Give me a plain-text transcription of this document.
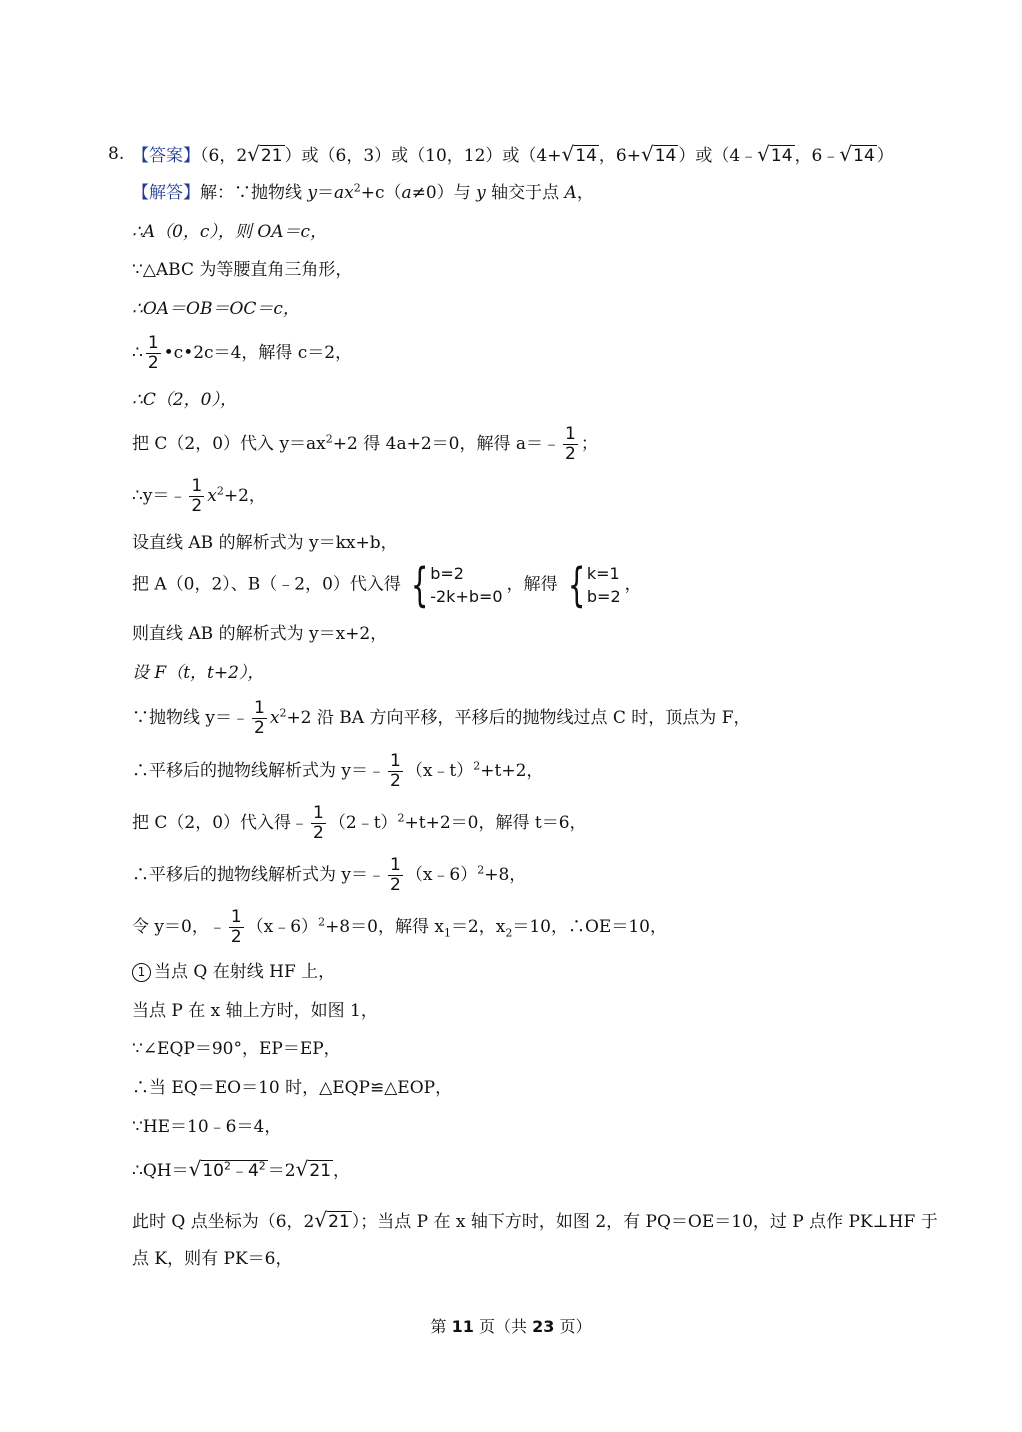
8. 【答案】（6，2√21 ）或（6，3）或（10，12）或（4+√14 ，6+√14 ）或（4﹣√14 ，6﹣√14 ）
【解答】解：∵抛物线 $y=ax^2+c(a\ne 0)$与 y 轴交于点 A，
∴A（0，c），则 OA＝c，
∵△ABC 为等腰直角三角形，
∴OA＝OB＝OC＝c，
∴ $\frac{1}{2}$ •c•2c＝4，解得 c＝2，
∴C（2，0），
把 C（2，0）代入 $y=ax^2+2$ 得 4a+2＝0，解得 a＝﹣ $\frac{1}{2}$ ；
∴y＝﹣ $\frac{1}{2} x^2+2$，
设直线 AB 的解析式为 y＝kx+b，
把 A（0，2）、B（﹣2，0）代入得 { b=2
-2k+b=0
，解得 { k=1
b=2
，
则直线 AB 的解析式为 y＝x+2，
设 F（t，t+2），
∵抛物线 y＝﹣ $\frac{1}{2} x^2+2$ 沿 BA 方向平移，平移后的抛物线过点 C 时，顶点为 F，
∴平移后的抛物线解析式为 y＝﹣ $\frac{1}{2}$ （x﹣t）$^2$+t+2，
把 C（2，0）代入得﹣ $\frac{1}{2}$ （2﹣t）$^2$+t+2＝0，解得 t＝6，
∴平移后的抛物线解析式为 y＝﹣ $\frac{1}{2}$ （x﹣6）$^2$+8，
令 y＝0，﹣ $\frac{1}{2}$ （x﹣6）$^2$+8＝0，解得 $x_1=2$，$x_2=10$，∴OE＝10，
1 当点 Q 在射线 HF 上，
当点 P 在 x 轴上方时，如图 1，
∵∠EQP＝90°，EP＝EP，
∴当 EQ＝EO＝10 时，△EQP≌△EOP，
∵HE＝10﹣6＝4，
$\therefore QH=√10^2﹣4^2 =2√21$ ，
此时 Q 点坐标为（6，2√21 ）；当点 P 在 x 轴下方时，如图 2，有 PQ＝OE＝10，过 P 点作 PK⊥HF 于
点 K，则有 PK＝6，
第 11 页（共 23 页）
